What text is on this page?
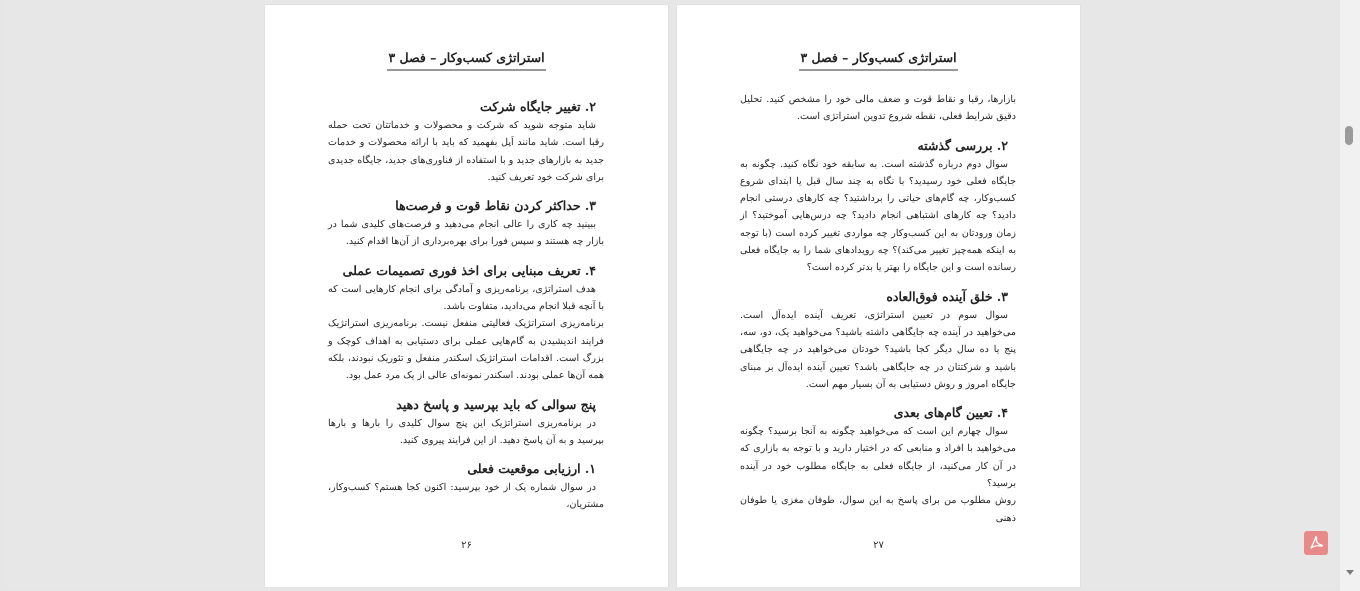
استراتژی کسب‌وکار – فصل ۳
۲. تغییر جایگاه شرکت

شاید متوجه شوید که شرکت و محصولات و خدماتتان تحت حمله رقبا است. شاید مانند اَپل بفهمید که باید با ارائه محصولات و خدمات جدید به بازارهای جدید و با استفاده از فناوری‌های جدید، جایگاه جدیدی برای شرکت خود تعریف کنید.

۳. حداکثر کردن نقاط قوت و فرصت‌ها

ببینید چه کاری را عالی انجام می‌دهید و فرصت‌های کلیدی شما در بازار چه هستند و سپس فورا برای بهره‌برداری از آن‌ها اقدام کنید.

۴. تعریف مبنایی برای اخذ فوری تصمیمات عملی

هدف استراتژی، برنامه‌ریزی و آمادگی برای انجام کارهایی است که با آنچه قبلا انجام می‌دادید، متفاوت باشد.

برنامه‌ریزی استراتژیک فعالیتی منفعل نیست. برنامه‌ریزی استراتژیک فرایند اندیشیدن به گام‌هایی عملی برای دستیابی به اهداف کوچک و بزرگ است. اقدامات استراتژیک اسکندر منفعل و تئوریک نبودند، بلکه همه آن‌ها عملی بودند. اسکندر نمونه‌ای عالی از یک مرد عمل بود.

پنج سوالی که باید بپرسید و پاسخ دهید

در برنامه‌ریزی استراتژیک این پنج سوال کلیدی را بارها و بارها بپرسید و به آن پاسخ دهید. از این فرایند پیروی کنید.

۱. ارزیابی موقعیت فعلی

در سوال شماره یک از خود بپرسید: اکنون کجا هستم؟ کسب‌وکار، مشتریان،

۲۶
استراتژی کسب‌وکار – فصل ۳

بازارها، رقبا و نقاط قوت و ضعف مالی خود را مشخص کنید. تحلیل دقیق شرایط فعلی، نقطه شروع تدوین استراتژی است.

۲. بررسی گذشته

سوال دوم درباره گذشته است. به سابقه خود نگاه کنید. چگونه به جایگاه فعلی خود رسیدید؟ با نگاه به چند سال قبل یا ابتدای شروع کسب‌وکار، چه گام‌های حیاتی را برداشتید؟ چه کارهای درستی انجام دادید؟ چه کارهای اشتباهی انجام دادید؟ چه درس‌هایی آموختید؟ از زمان ورودتان به این کسب‌وکار چه مواردی تغییر کرده است (با توجه به اینکه همه‌چیز تغییر می‌کند)؟ چه رویدادهای شما را به جایگاه فعلی رسانده است و این جایگاه را بهتر یا بدتر کرده است؟

۳. خلق آینده فوق‌العاده

سوال سوم در تعیین استراتژی، تعریف آینده ایده‌آل است. می‌خواهید در آینده چه جایگاهی داشته باشید؟ می‌خواهید یک، دو، سه، پنج یا ده سال دیگر کجا باشید؟ خودتان می‌خواهید در چه جایگاهی باشید و شرکتتان در چه جایگاهی باشد؟ تعیین آینده ایده‌آل بر مبنای جایگاه امروز و روش دستیابی به آن بسیار مهم است.

۴. تعیین گام‌های بعدی

سوال چهارم این است که می‌خواهید چگونه به آنجا برسید؟ چگونه می‌خواهید با افراد و منابعی که در اختیار دارید و با توجه به بازاری که در آن کار می‌کنید، از جایگاه فعلی به جایگاه مطلوب خود در آینده برسید؟

روش مطلوب من برای پاسخ به این سوال، طوفان مغزی یا طوفان ذهنی

۲۷
